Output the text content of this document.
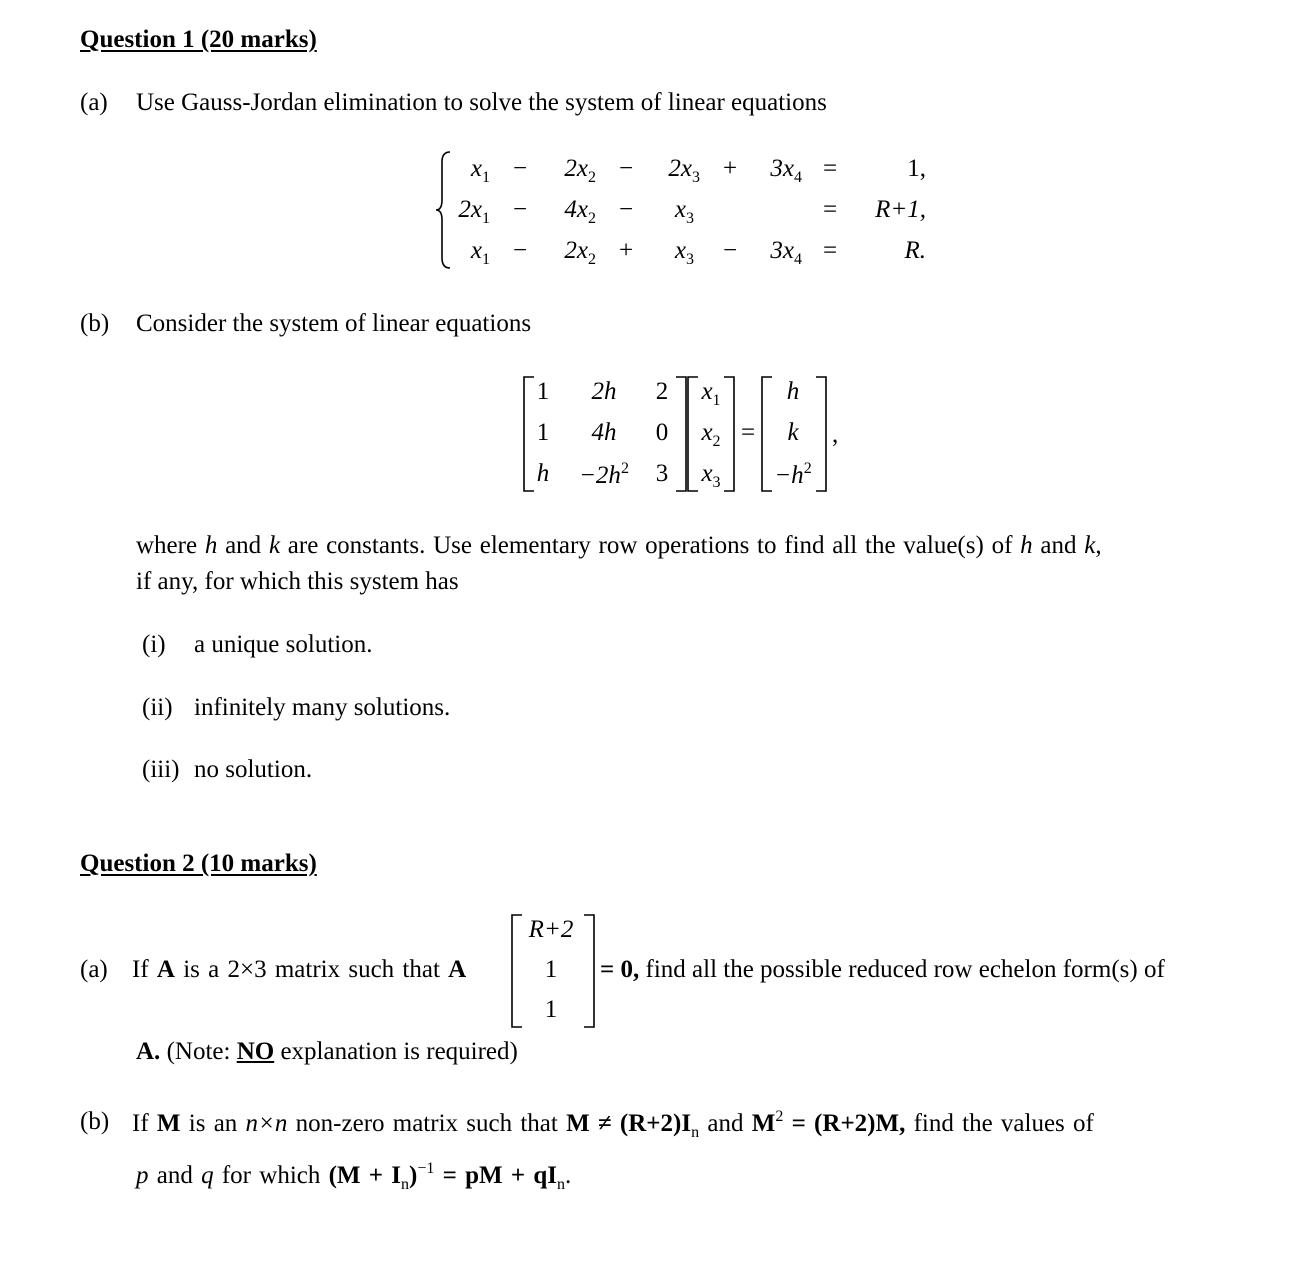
Question 1 (20 marks)
(a) Use Gauss-Jordan elimination to solve the system of linear equations
$x_1$ −	$2x_2$ −	$2x_3$ +	$3x_4$ =	1,
$2x_1$ −	$4x_2$ −	$x_3$	=	R+1,
$x_1$ −	$2x_2$ +	$x_3$ −	$3x_4$ =	R.
(b) Consider the system of linear equations
1	2h	2
1	4h	0
h	$-2h^2$	3
$x_1$
$x_2$
$x_3$
=
h
k
$-h^2$
,
where h and k are constants. Use elementary row operations to find all the value(s) of h and k,
if any, for which this system has
(i) a unique solution.
(ii) infinitely many solutions.
(iii) no solution.
Question 2 (10 marks)
(a) If A is a 2×3 matrix such that A
R+2
1
1
= 0, find all the possible reduced row echelon form(s) of
A. (Note: NO explanation is required)
(b) If M is an n×n non-zero matrix such that $M \ne (R+2)I_n$ and $M^2 = (R+2)M$, find the values of
p and q for which $(M + I_n)^{-1}$ = pM + $qI_n$.
